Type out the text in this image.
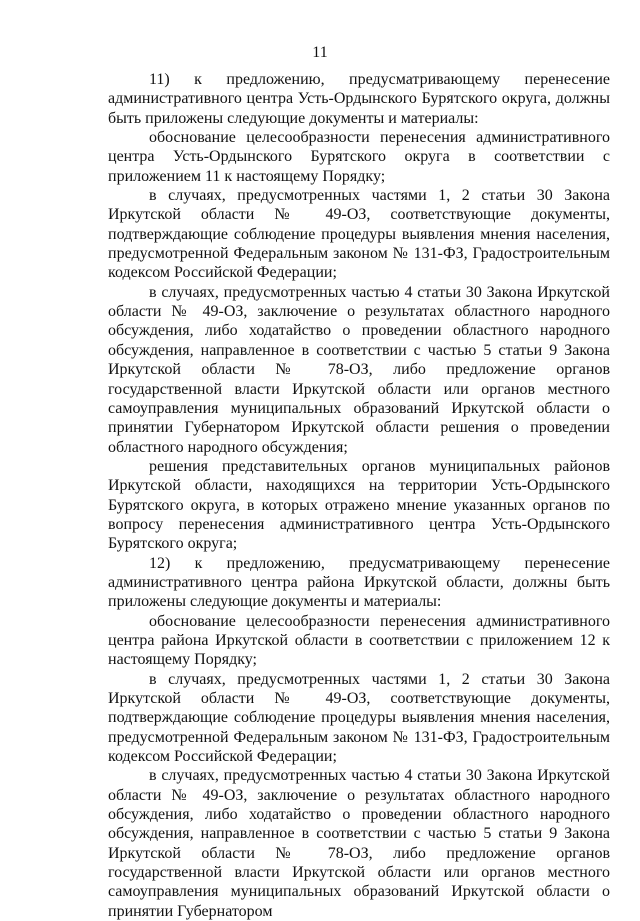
11

11) к предложению, предусматривающему перенесение административного центра Усть-Ордынского Бурятского округа, должны быть приложены следующие документы и материалы:

обоснование целесообразности перенесения административного центра Усть-Ордынского Бурятского округа в соответствии с приложением 11 к настоящему Порядку;

в случаях, предусмотренных частями 1, 2 статьи 30 Закона Иркутской области № 49-ОЗ, соответствующие документы, подтверждающие соблюдение процедуры выявления мнения населения, предусмотренной Федеральным законом № 131-ФЗ, Градостроительным кодексом Российской Федерации;

в случаях, предусмотренных частью 4 статьи 30 Закона Иркутской области № 49-ОЗ, заключение о результатах областного народного обсуждения, либо ходатайство о проведении областного народного обсуждения, направленное в соответствии с частью 5 статьи 9 Закона Иркутской области № 78-ОЗ, либо предложение органов государственной власти Иркутской области или органов местного самоуправления муниципальных образований Иркутской области о принятии Губернатором Иркутской области решения о проведении областного народного обсуждения;

решения представительных органов муниципальных районов Иркутской области, находящихся на территории Усть-Ордынского Бурятского округа, в которых отражено мнение указанных органов по вопросу перенесения административного центра Усть-Ордынского Бурятского округа;

12) к предложению, предусматривающему перенесение административного центра района Иркутской области, должны быть приложены следующие документы и материалы:

обоснование целесообразности перенесения административного центра района Иркутской области в соответствии с приложением 12 к настоящему Порядку;

в случаях, предусмотренных частями 1, 2 статьи 30 Закона Иркутской области № 49-ОЗ, соответствующие документы, подтверждающие соблюдение процедуры выявления мнения населения, предусмотренной Федеральным законом № 131-ФЗ, Градостроительным кодексом Российской Федерации;

в случаях, предусмотренных частью 4 статьи 30 Закона Иркутской области № 49-ОЗ, заключение о результатах областного народного обсуждения, либо ходатайство о проведении областного народного обсуждения, направленное в соответствии с частью 5 статьи 9 Закона Иркутской области № 78-ОЗ, либо предложение органов государственной власти Иркутской области или органов местного самоуправления муниципальных образований Иркутской области о принятии Губернатором
